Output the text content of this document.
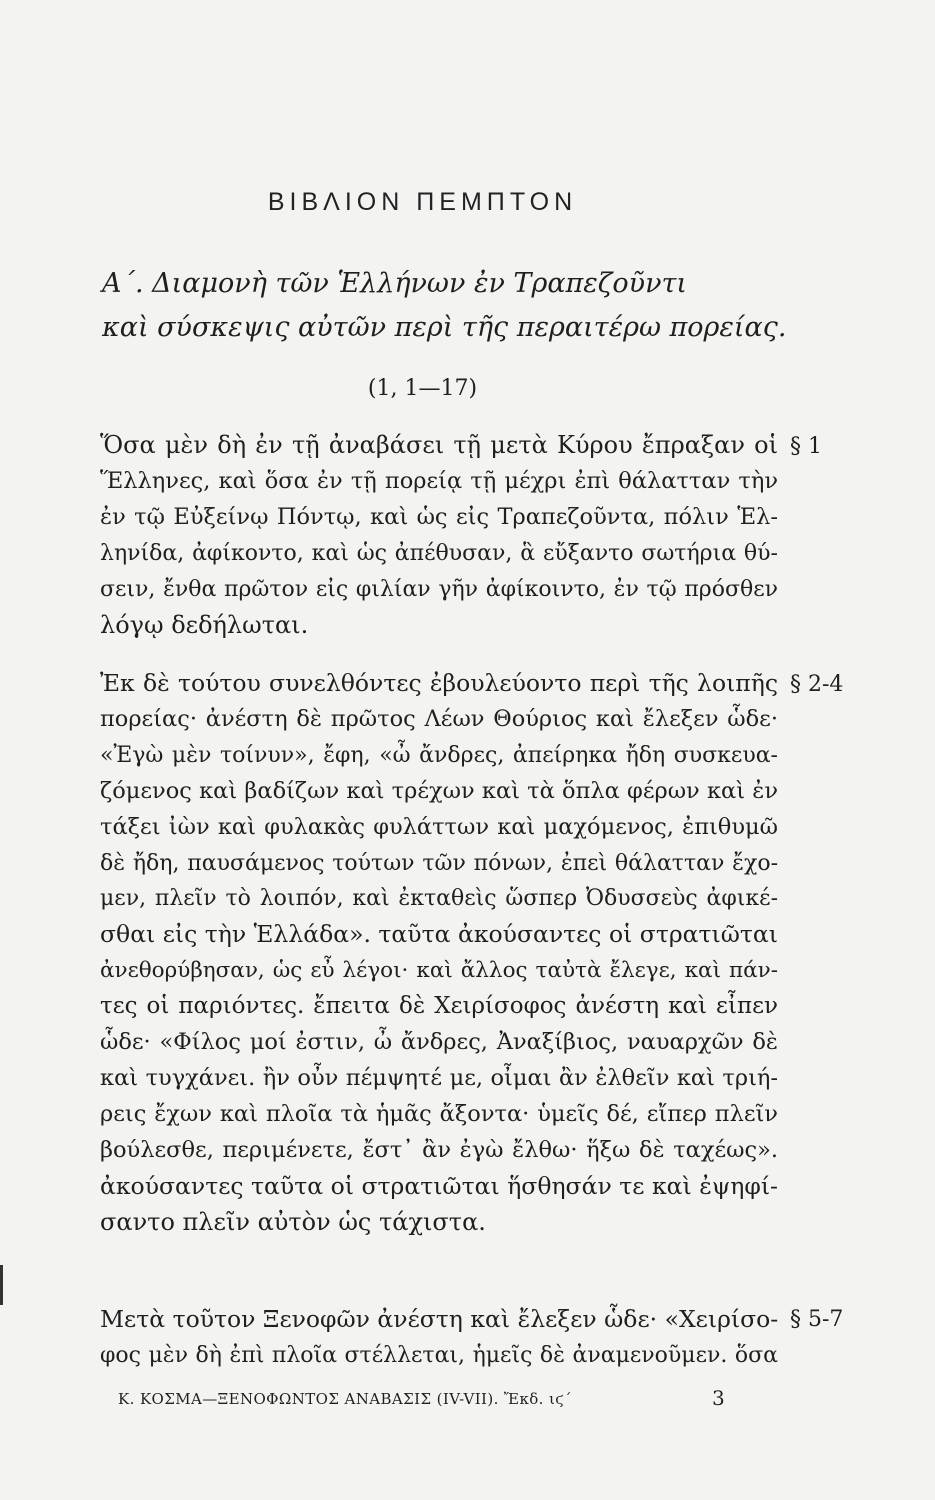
ΒΙΒΛΙΟΝ ΠΕΜΠΤΟΝ
Α΄. Διαμονὴ τῶν Ἑλλήνων ἐν Τραπεζοῦντι
καὶ σύσκεψις αὐτῶν περὶ τῆς περαιτέρω πορείας.
(1, 1—17)
§ 1
Ὅσα μὲν δὴ ἐν τῇ ἀναβάσει τῇ μετὰ Κύρου ἔπραξαν οἱ
Ἕλληνες, καὶ ὅσα ἐν τῇ πορείᾳ τῇ μέχρι ἐπὶ θάλατταν τὴν
ἐν τῷ Εὐξείνῳ Πόντῳ, καὶ ὡς εἰς Τραπεζοῦντα, πόλιν Ἑλ-
ληνίδα, ἀφίκοντο, καὶ ὡς ἀπέθυσαν, ἃ εὔξαντο σωτήρια θύ-
σειν, ἔνθα πρῶτον εἰς φιλίαν γῆν ἀφίκοιντο, ἐν τῷ πρόσθεν
λόγῳ δεδήλωται.
§ 2-4
Ἐκ δὲ τούτου συνελθόντες ἐβουλεύοντο περὶ τῆς λοιπῆς
πορείας· ἀνέστη δὲ πρῶτος Λέων Θούριος καὶ ἔλεξεν ὧδε·
«Ἐγὼ μὲν τοίνυν», ἔφη, «ὦ ἄνδρες, ἀπείρηκα ἤδη συσκευα-
ζόμενος καὶ βαδίζων καὶ τρέχων καὶ τὰ ὅπλα φέρων καὶ ἐν
τάξει ἰὼν καὶ φυλακὰς φυλάττων καὶ μαχόμενος, ἐπιθυμῶ
δὲ ἤδη, παυσάμενος τούτων τῶν πόνων, ἐπεὶ θάλατταν ἔχο-
μεν, πλεῖν τὸ λοιπόν, καὶ ἐκταθεὶς ὥσπερ Ὀδυσσεὺς ἀφικέ-
σθαι εἰς τὴν Ἑλλάδα». ταῦτα ἀκούσαντες οἱ στρατιῶται
ἀνεθορύβησαν, ὡς εὖ λέγοι· καὶ ἄλλος ταὐτὰ ἔλεγε, καὶ πάν-
τες οἱ παριόντες. ἔπειτα δὲ Χειρίσοφος ἀνέστη καὶ εἶπεν
ὧδε· «Φίλος μοί ἐστιν, ὦ ἄνδρες, Ἀναξίβιος, ναυαρχῶν δὲ
καὶ τυγχάνει. ἢν οὖν πέμψητέ με, οἶμαι ἂν ἐλθεῖν καὶ τριή-
ρεις ἔχων καὶ πλοῖα τὰ ἡμᾶς ἄξοντα· ὑμεῖς δέ, εἴπερ πλεῖν
βούλεσθε, περιμένετε, ἔστ᾽ ἂν ἐγὼ ἔλθω· ἥξω δὲ ταχέως».
ἀκούσαντες ταῦτα οἱ στρατιῶται ἥσθησάν τε καὶ ἐψηφί-
σαντο πλεῖν αὐτὸν ὡς τάχιστα.
§ 5-7
Μετὰ τοῦτον Ξενοφῶν ἀνέστη καὶ ἔλεξεν ὧδε· «Χειρίσο-
φος μὲν δὴ ἐπὶ πλοῖα στέλλεται, ἡμεῖς δὲ ἀναμενοῦμεν. ὅσα
Κ. ΚΟΣΜΑ—ΞΕΝΟΦΩΝΤΟΣ ΑΝΑΒΑΣΙΣ (IV-VII). Ἔκδ. ιϛ΄	3
